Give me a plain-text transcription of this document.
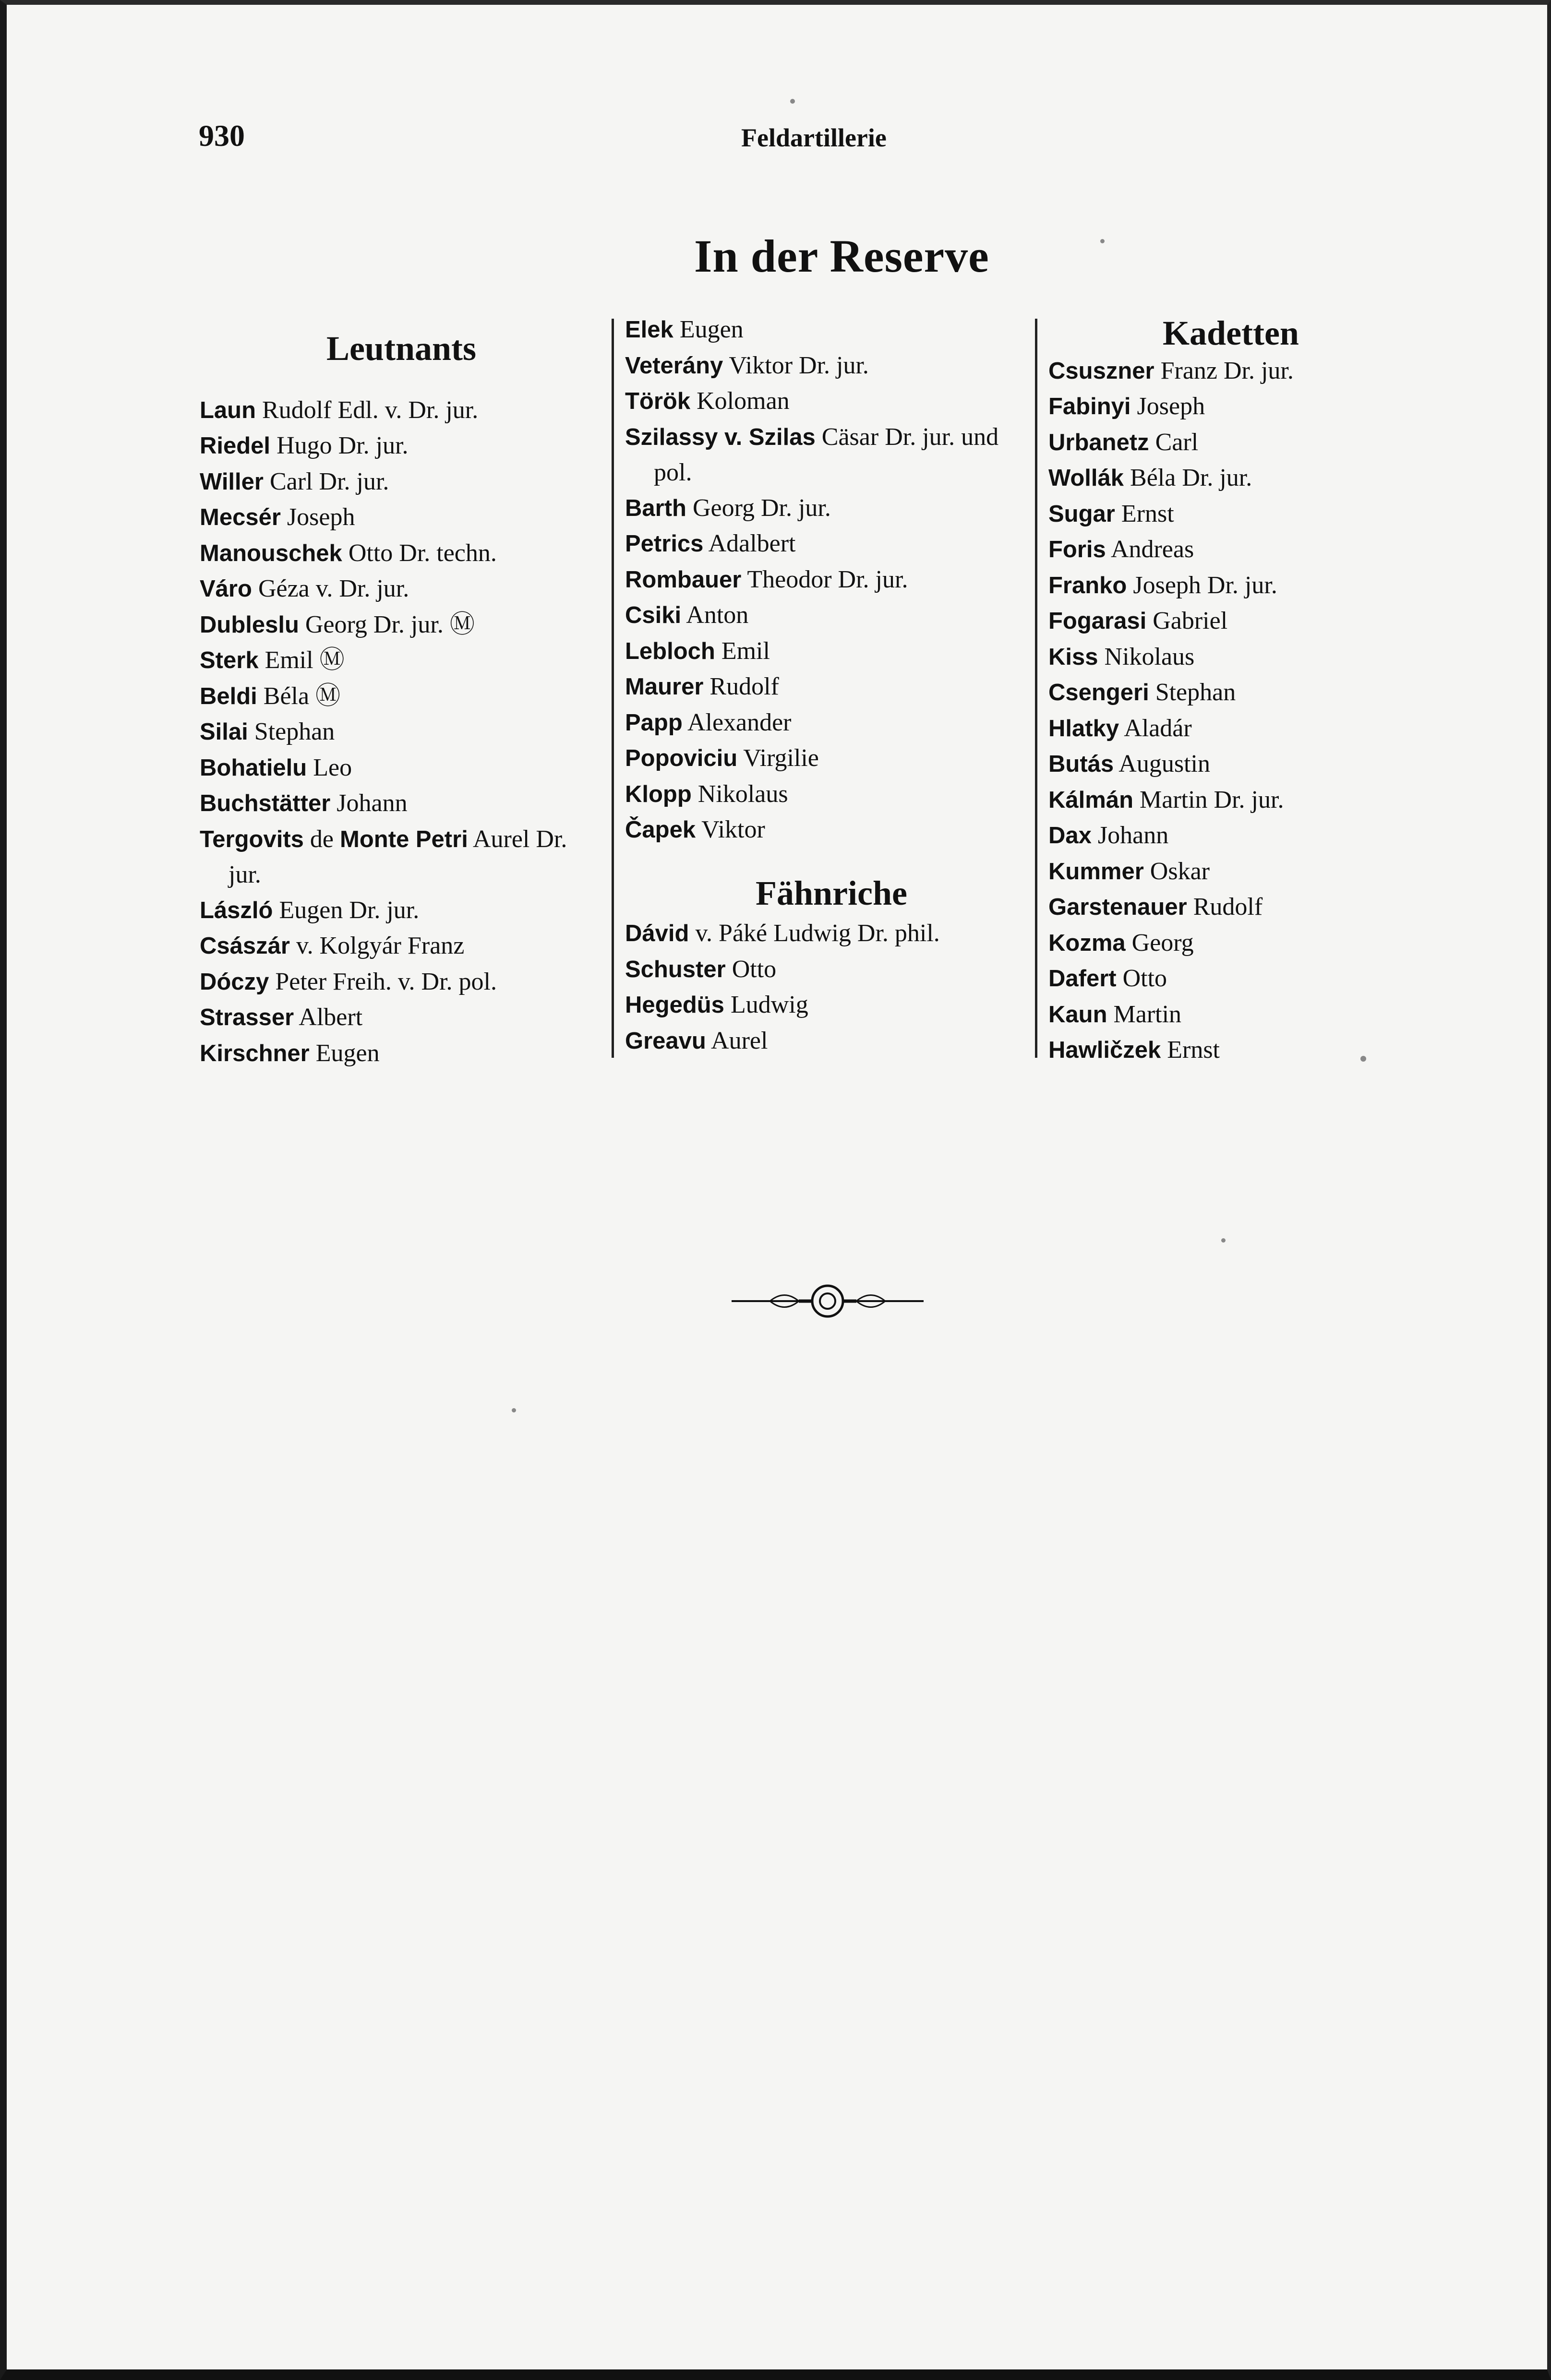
930	Feldartillerie
In der Reserve
Leutnants
Laun Rudolf Edl. v. Dr. jur.
Riedel Hugo Dr. jur.
Willer Carl Dr. jur.
Mecsér Joseph
Manouschek Otto Dr. techn.
Váro Géza v. Dr. jur.
Dubleslu Georg Dr. jur. Ⓜ
Sterk Emil Ⓜ
Beldi Béla Ⓜ
Silai Stephan
Bohatielu Leo
Buchstätter Johann
Tergovits de Monte Petri Aurel Dr. jur.
László Eugen Dr. jur.
Császár v. Kolgyár Franz
Dóczy Peter Freih. v. Dr. pol.
Strasser Albert
Kirschner Eugen
Elek Eugen
Veterány Viktor Dr. jur.
Török Koloman
Szilassy v. Szilas Cäsar Dr. jur. und pol.
Barth Georg Dr. jur.
Petrics Adalbert
Rombauer Theodor Dr. jur.
Csiki Anton
Lebloch Emil
Maurer Rudolf
Papp Alexander
Popoviciu Virgilie
Klopp Nikolaus
Čapek Viktor
Fähnriche
Dávid v. Páké Ludwig Dr. phil.
Schuster Otto
Hegedüs Ludwig
Greavu Aurel
Kadetten
Csuszner Franz Dr. jur.
Fabinyi Joseph
Urbanetz Carl
Wollák Béla Dr. jur.
Sugar Ernst
Foris Andreas
Franko Joseph Dr. jur.
Fogarasi Gabriel
Kiss Nikolaus
Csengeri Stephan
Hlatky Aladár
Butás Augustin
Kálmán Martin Dr. jur.
Dax Johann
Kummer Oskar
Garstenauer Rudolf
Kozma Georg
Dafert Otto
Kaun Martin
Hawličzek Ernst
